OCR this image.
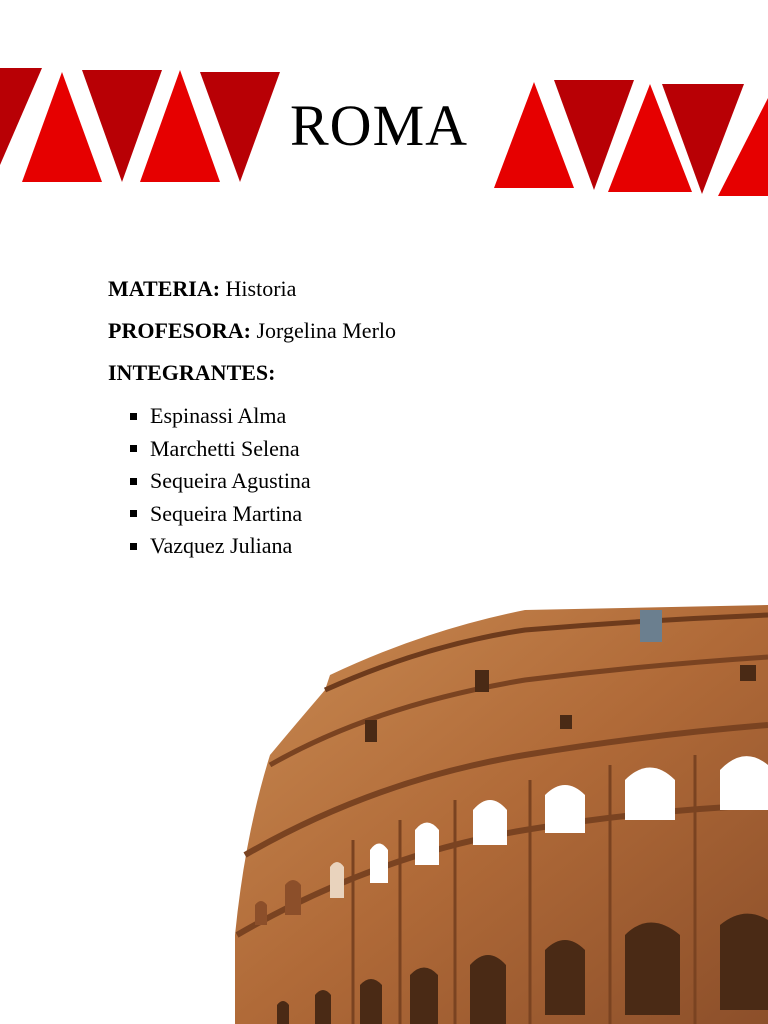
ROMA
MATERIA: Historia
PROFESORA: Jorgelina Merlo
INTEGRANTES:
Espinassi Alma
Marchetti Selena
Sequeira Agustina
Sequeira Martina
Vazquez Juliana
